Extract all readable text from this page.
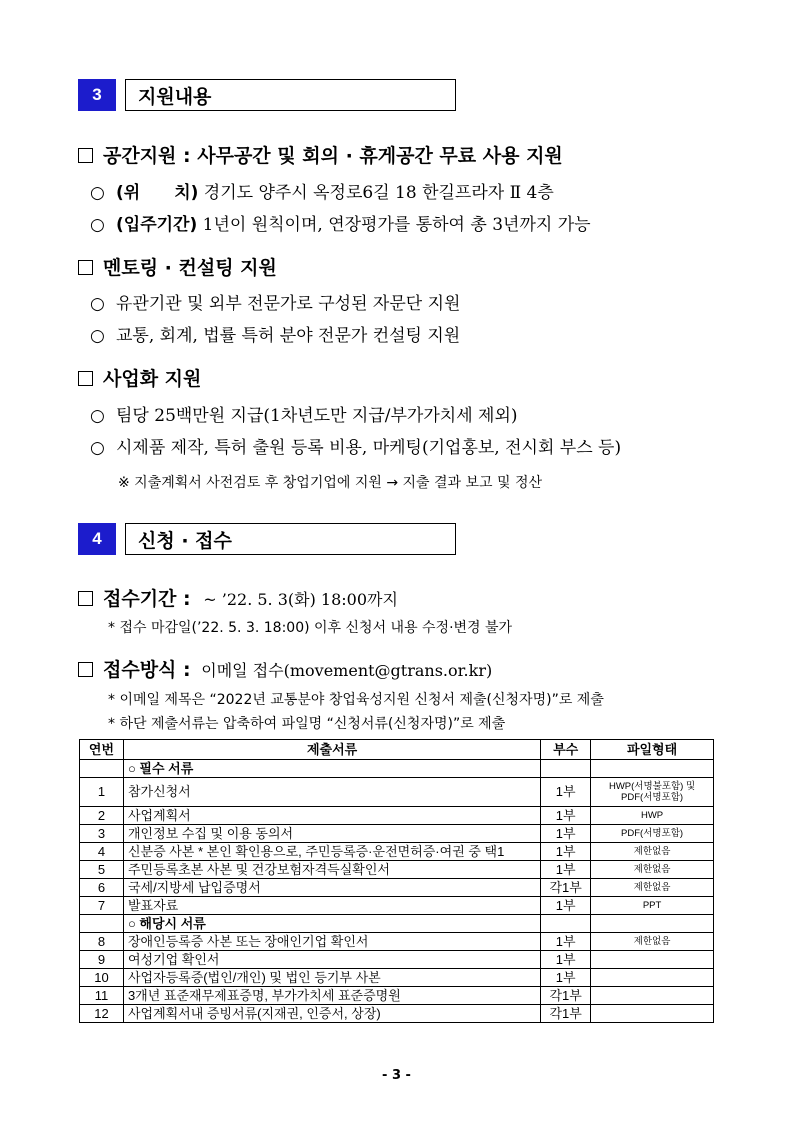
3	지원내용
공간지원 : 사무공간 및 회의 · 휴게공간 무료 사용 지원
○ (위　　치) 경기도 양주시 옥정로6길 18 한길프라자 Ⅱ 4층
○ (입주기간) 1년이 원칙이며, 연장평가를 통하여 총 3년까지 가능
멘토링 · 컨설팅 지원
○ 유관기관 및 외부 전문가로 구성된 자문단 지원
○ 교통, 회계, 법률 특허 분야 전문가 컨설팅 지원
사업화 지원
○ 팀당 25백만원 지급(1차년도만 지급/부가가치세 제외)
○ 시제품 제작, 특허 출원 등록 비용, 마케팅(기업홍보, 전시회 부스 등)
※ 지출계획서 사전검토 후 창업기업에 지원 → 지출 결과 보고 및 정산
4	신청 · 접수
접수기간 : ~ ’22. 5. 3(화) 18:00까지
* 접수 마감일(’22. 5. 3. 18:00) 이후 신청서 내용 수정·변경 불가
접수방식 : 이메일 접수(movement@gtrans.or.kr)
* 이메일 제목은 “2022년 교통분야 창업육성지원 신청서 제출(신청자명)”로 제출
* 하단 제출서류는 압축하여 파일명 “신청서류(신청자명)”로 제출
연번	제출서류	부수	파일형태
	○ 필수 서류		
1	참가신청서	1부	HWP(서명불포함) 및 PDF(서명포함)
2	사업계획서	1부	HWP
3	개인정보 수집 및 이용 동의서	1부	PDF(서명포함)
4	신분증 사본 * 본인 확인용으로, 주민등록증·운전면허증·여권 중 택1	1부	제한없음
5	주민등록초본 사본 및 건강보험자격득실확인서	1부	제한없음
6	국세/지방세 납입증명서	각1부	제한없음
7	발표자료	1부	PPT
	○ 해당시 서류		
8	장애인등록증 사본 또는 장애인기업 확인서	1부	제한없음
9	여성기업 확인서	1부	
10	사업자등록증(법인/개인) 및 법인 등기부 사본	1부	
11	3개년 표준재무제표증명, 부가가치세 표준증명원	각1부	
12	사업계획서내 증빙서류(지재권, 인증서, 상장)	각1부	
- 3 -
